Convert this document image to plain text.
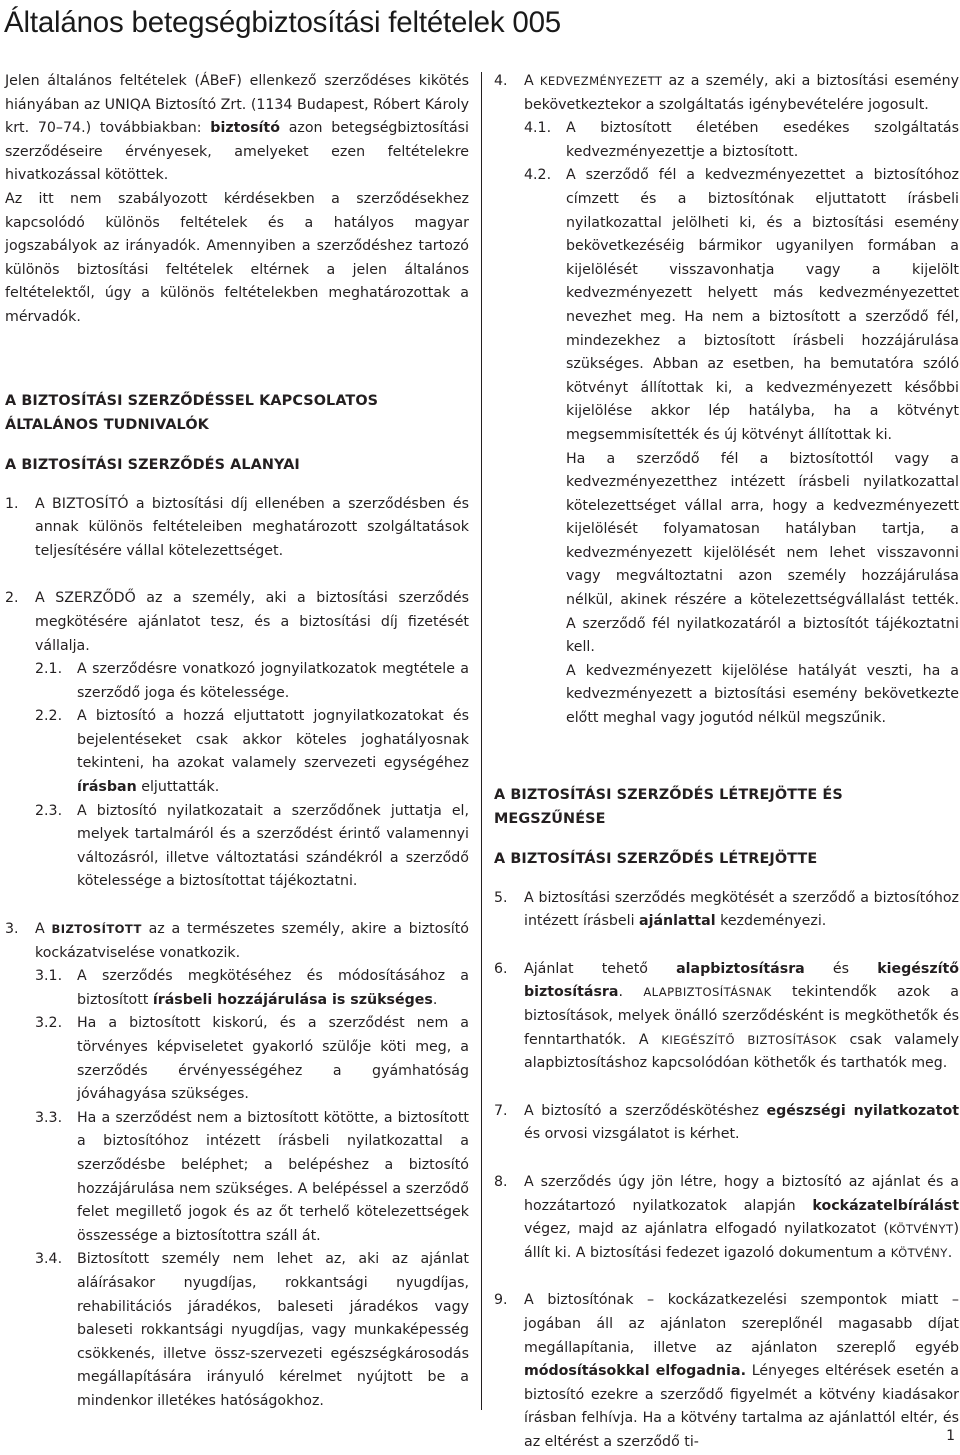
Általános betegségbiztosítási feltételek 005

Jelen általános feltételek (ÁBeF) ellenkező szerződéses kikötés hiányában az UNIQA Biztosító Zrt. (1134 Budapest, Róbert Károly krt. 70–74.) továbbiakban: biztosító azon betegségbiztosítási szerződéseire érvényesek, amelyeket ezen feltételekre hivatkozással kötöttek.

Az itt nem szabályozott kérdésekben a szerződésekhez kapcsolódó különös feltételek és a hatályos magyar jogszabályok az irányadók. Amennyiben a szerződéshez tartozó különös biztosítási feltételek eltérnek a jelen általános feltételektől, úgy a különös feltételekben meghatározottak a mérvadók.

A BIZTOSÍTÁSI SZERZŐDÉSSEL KAPCSOLATOS ÁLTALÁNOS TUDNIVALÓK
A BIZTOSÍTÁSI SZERZŐDÉS ALANYAI
1.	A BIZTOSÍTÓ a biztosítási díj ellenében a szerződésben és annak különös feltételeiben meghatározott szolgáltatások teljesítésére vállal kötelezettséget.
2.	A SZERZŐDŐ az a személy, aki a biztosítási szerződés megkötésére ajánlatot tesz, és a biztosítási díj fizetését vállalja.
2.1.	A szerződésre vonatkozó jognyilatkozatok megtétele a szerződő joga és kötelessége.
2.2.	A biztosító a hozzá eljuttatott jognyilatkozatokat és bejelentéseket csak akkor köteles joghatályosnak tekinteni, ha azokat valamely szervezeti egységéhez írásban eljuttatták.
2.3.	A biztosító nyilatkozatait a szerződőnek juttatja el, melyek tartalmáról és a szerződést érintő valamennyi változásról, illetve változtatási szándékról a szerződő kötelessége a biztosítottat tájékoztatni.
3.	A BIZTOSÍTOTT az a természetes személy, akire a biztosító kockázatviselése vonatkozik.
3.1.	A szerződés megkötéséhez és módosításához a biztosított írásbeli hozzájárulása is szükséges.
3.2.	Ha a biztosított kiskorú, és a szerződést nem a törvényes képviseletet gyakorló szülője köti meg, a szerződés érvényességéhez a gyámhatóság jóváhagyása szükséges.
3.3.	Ha a szerződést nem a biztosított kötötte, a biztosított a biztosítóhoz intézett írásbeli nyilatkozattal a szerződésbe beléphet; a belépéshez a biztosító hozzájárulása nem szükséges. A belépéssel a szerződő felet megillető jogok és az őt terhelő kötelezettségek összessége a biztosítottra száll át.
3.4.	Biztosított személy nem lehet az, aki az ajánlat aláírásakor nyugdíjas, rokkantsági nyugdíjas, rehabilitációs járadékos, baleseti járadékos vagy baleseti rokkantsági nyugdíjas, vagy munkaképesség csökkenés, illetve össz-szervezeti egészségkárosodás megállapítására irányuló kérelmet nyújtott be a mindenkor illetékes hatóságokhoz.
4.	A KEDVEZMÉNYEZETT az a személy, aki a biztosítási esemény bekövetkeztekor a szolgáltatás igénybevételére jogosult.
4.1.	A biztosított életében esedékes szolgáltatás kedvezményezettje a biztosított.
4.2.	A szerződő fél a kedvezményezettet a biztosítóhoz címzett és a biztosítónak eljuttatott írásbeli nyilatkozattal jelölheti ki, és a biztosítási esemény bekövetkezéséig bármikor ugyanilyen formában a kijelölését visszavonhatja vagy a kijelölt kedvezményezett helyett más kedvezményezettet nevezhet meg. Ha nem a biztosított a szerződő fél, mindezekhez a biztosított írásbeli hozzájárulása szükséges. Abban az esetben, ha bemutatóra szóló kötvényt állítottak ki, a kedvezményezett későbbi kijelölése akkor lép hatályba, ha a kötvényt megsemmisítették és új kötvényt állítottak ki.

Ha a szerződő fél a biztosítottól vagy a kedvezményezetthez intézett írásbeli nyilatkozattal kötelezettséget vállal arra, hogy a kedvezményezett kijelölését folyamatosan hatályban tartja, a kedvezményezett kijelölését nem lehet visszavonni vagy megváltoztatni azon személy hozzájárulása nélkül, akinek részére a kötelezettségvállalást tették. A szerződő fél nyilatkozatáról a biztosítót tájékoztatni kell.

A kedvezményezett kijelölése hatályát veszti, ha a kedvezményezett a biztosítási esemény bekövetkezte előtt meghal vagy jogutód nélkül megszűnik.

A BIZTOSÍTÁSI SZERZŐDÉS LÉTREJÖTTE ÉS MEGSZŰNÉSE
A BIZTOSÍTÁSI SZERZŐDÉS LÉTREJÖTTE
5.	A biztosítási szerződés megkötését a szerződő a biztosítóhoz intézett írásbeli ajánlattal kezdeményezi.
6.	Ajánlat tehető alapbiztosításra és kiegészítő biztosításra. ALAPBIZTOSÍTÁSNAK tekintendők azok a biztosítások, melyek önálló szerződésként is megköthetők és fenntarthatók. A KIEGÉSZÍTŐ BIZTOSÍTÁSOK csak valamely alapbiztosításhoz kapcsolódóan köthetők és tarthatók meg.
7.	A biztosító a szerződéskötéshez egészségi nyilatkozatot és orvosi vizsgálatot is kérhet.
8.	A szerződés úgy jön létre, hogy a biztosító az ajánlat és a hozzátartozó nyilatkozatok alapján kockázatelbírálást végez, majd az ajánlatra elfogadó nyilatkozatot (KÖTVÉNYT) állít ki. A biztosítási fedezet igazoló dokumentum a KÖTVÉNY.
9.	A biztosítónak – kockázatkezelési szempontok miatt – jogában áll az ajánlaton szereplőnél magasabb díjat megállapítania, illetve az ajánlaton szereplő egyéb módosításokkal elfogadnia. Lényeges eltérések esetén a biztosító ezekre a szerződő figyelmét a kötvény kiadásakor írásban felhívja. Ha a kötvény tartalma az ajánlattól eltér, és az eltérést a szerződő ti-	1
